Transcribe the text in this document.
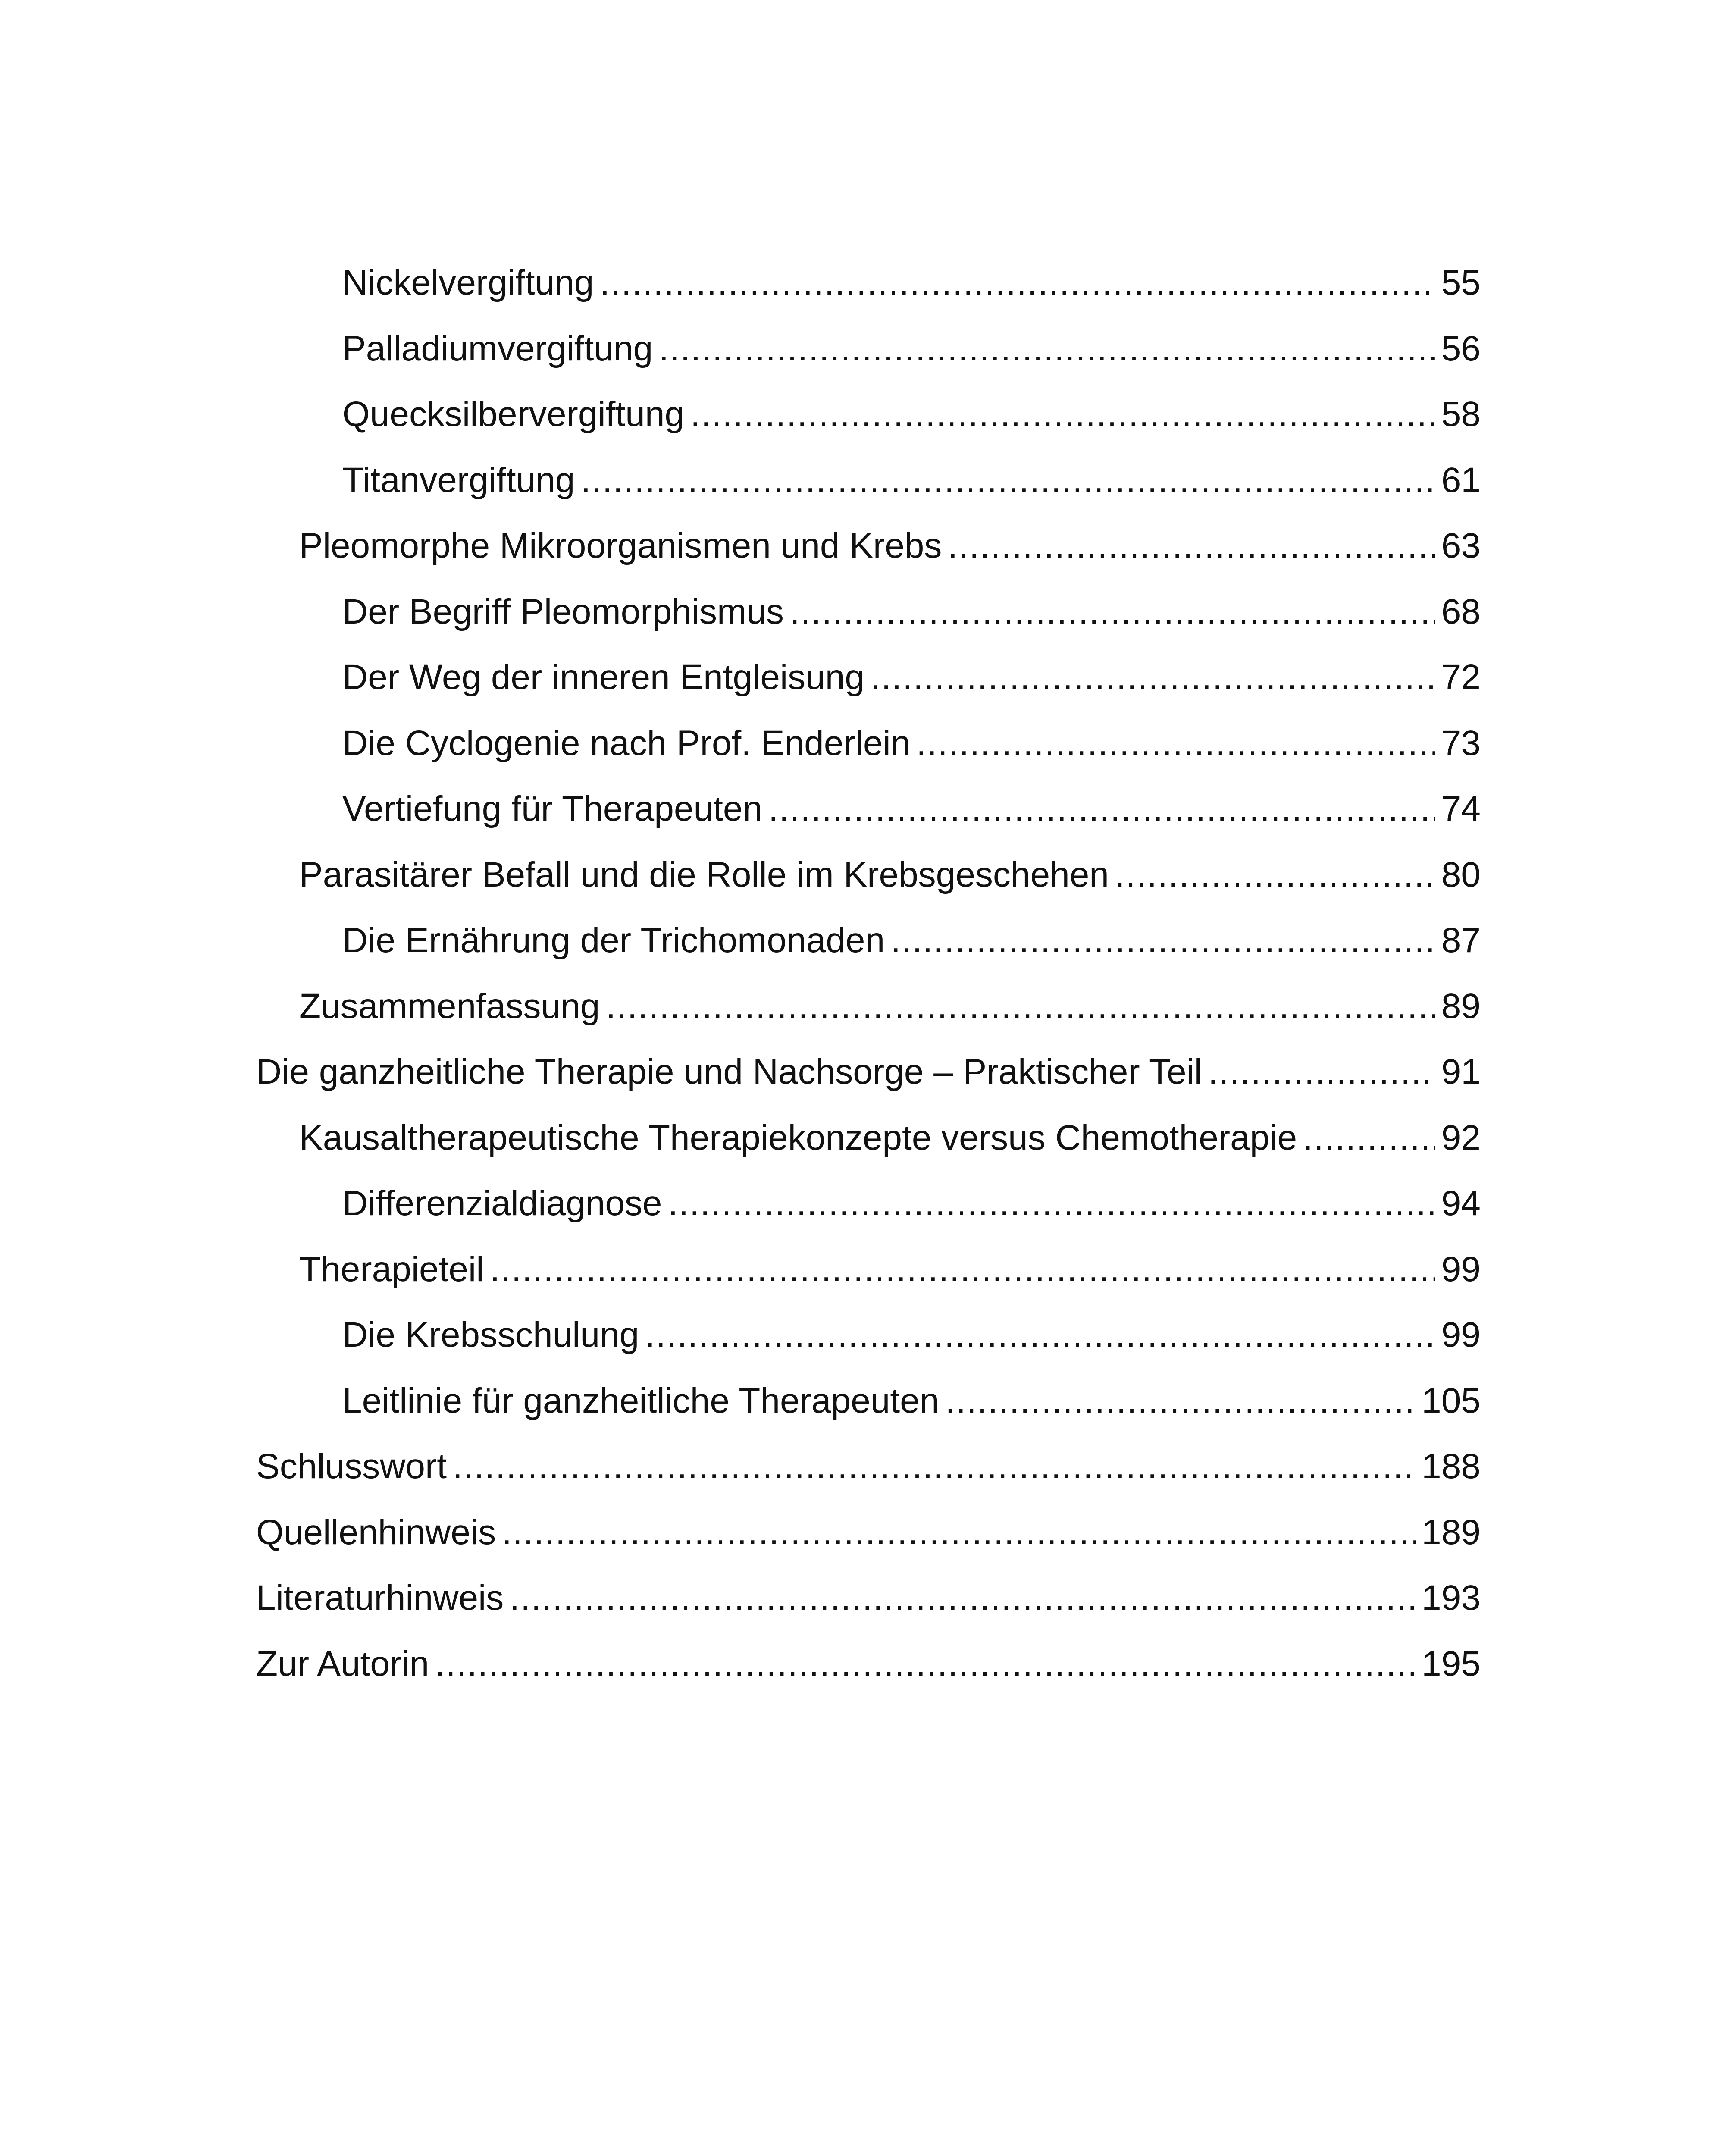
Nickelvergiftung .....	55
Palladiumvergiftung .....	56
Quecksilbervergiftung .....	58
Titanvergiftung .....	61
Pleomorphe Mikroorganismen und Krebs .....	63
Der Begriff Pleomorphismus .....	68
Der Weg der inneren Entgleisung .....	72
Die Cyclogenie nach Prof. Enderlein .....	73
Vertiefung für Therapeuten .....	74
Parasitärer Befall und die Rolle im Krebsgeschehen .....	80
Die Ernährung der Trichomonaden .....	87
Zusammenfassung .....	89
Die ganzheitliche Therapie und Nachsorge – Praktischer Teil .....	91
Kausaltherapeutische Therapiekonzepte versus Chemotherapie .....	92
Differenzialdiagnose .....	94
Therapieteil .....	99
Die Krebsschulung .....	99
Leitlinie für ganzheitliche Therapeuten .....	105
Schlusswort .....	188
Quellenhinweis .....	189
Literaturhinweis .....	193
Zur Autorin .....	195
